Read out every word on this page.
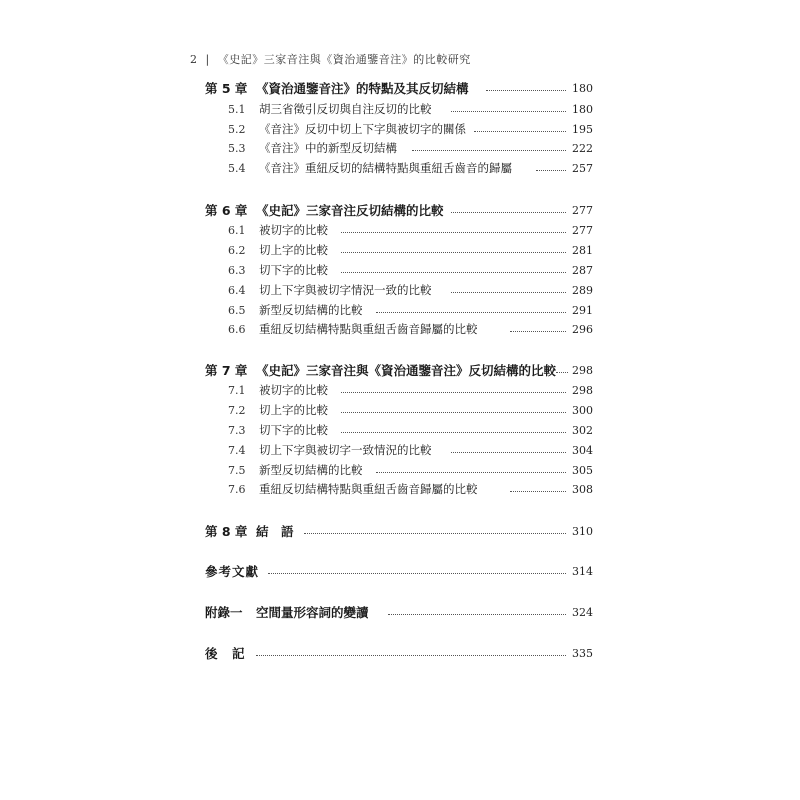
2 | 《史記》三家音注與《資治通鑒音注》的比較研究
第 5 章 《資治通鑒音注》的特點及其反切結構	180
5.1 胡三省徵引反切與自注反切的比較	180
5.2 《音注》反切中切上下字與被切字的關係	195
5.3 《音注》中的新型反切結構	222
5.4 《音注》重紐反切的結構特點與重紐舌齒音的歸屬	257
第 6 章 《史記》三家音注反切結構的比較	277
6.1 被切字的比較	277
6.2 切上字的比較	281
6.3 切下字的比較	287
6.4 切上下字與被切字情況一致的比較	289
6.5 新型反切結構的比較	291
6.6 重紐反切結構特點與重紐舌齒音歸屬的比較	296
第 7 章 《史記》三家音注與《資治通鑒音注》反切結構的比較 298
7.1 被切字的比較	298
7.2 切上字的比較	300
7.3 切下字的比較	302
7.4 切上下字與被切字一致情況的比較	304
7.5 新型反切結構的比較	305
7.6 重紐反切結構特點與重紐舌齒音歸屬的比較	308
第 8 章 結　語	310
參考文獻	314
附錄一 空間量形容詞的變讀	324
後　記	335
